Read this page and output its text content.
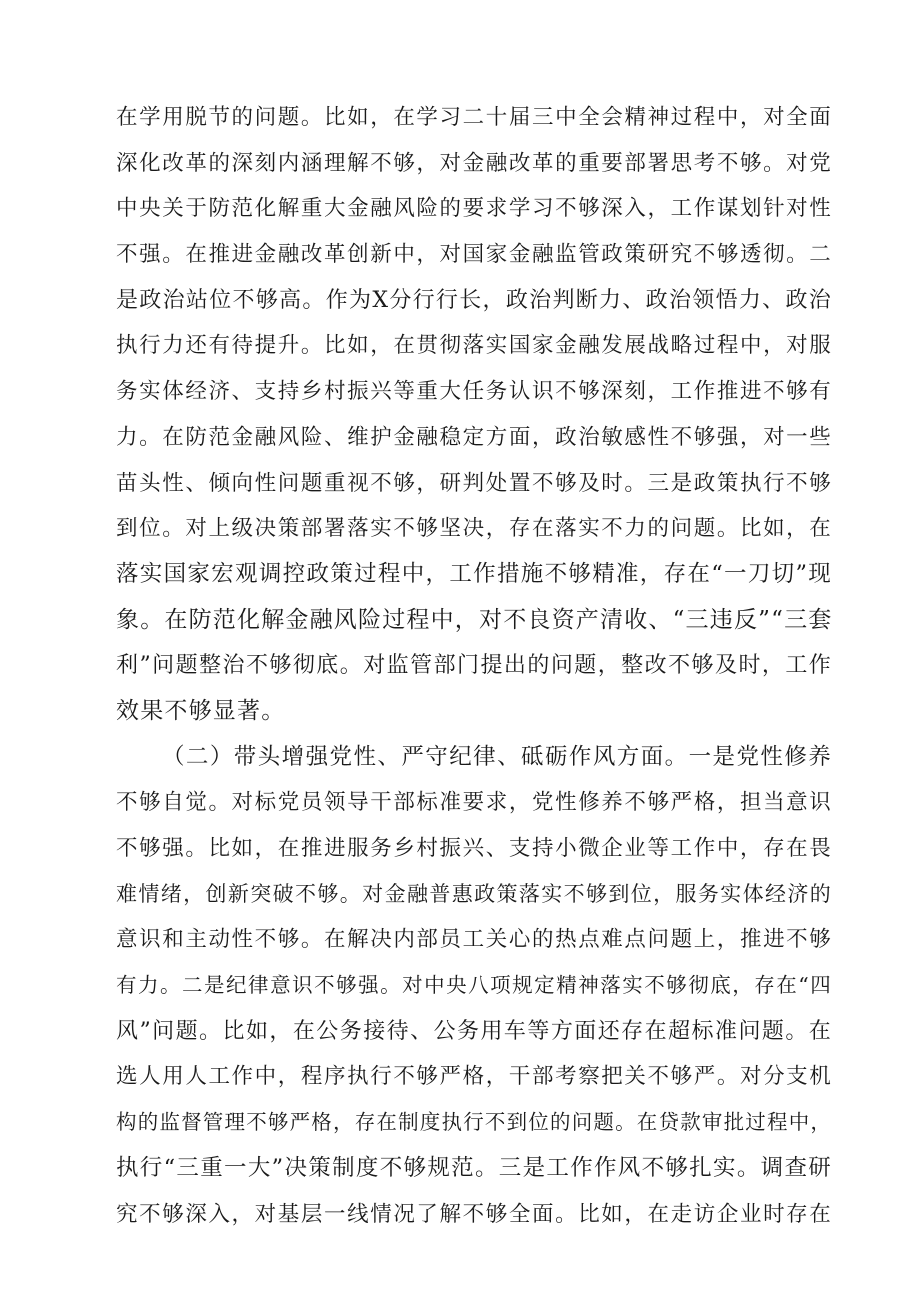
在学用脱节的问题。比如，在学习二十届三中全会精神过程中，对全面
深化改革的深刻内涵理解不够，对金融改革的重要部署思考不够。对党
中央关于防范化解重大金融风险的要求学习不够深入，工作谋划针对性
不强。在推进金融改革创新中，对国家金融监管政策研究不够透彻。二
是政治站位不够高。作为X分行行长，政治判断力、政治领悟力、政治
执行力还有待提升。比如，在贯彻落实国家金融发展战略过程中，对服
务实体经济、支持乡村振兴等重大任务认识不够深刻，工作推进不够有
力。在防范金融风险、维护金融稳定方面，政治敏感性不够强，对一些
苗头性、倾向性问题重视不够，研判处置不够及时。三是政策执行不够
到位。对上级决策部署落实不够坚决，存在落实不力的问题。比如，在
落实国家宏观调控政策过程中，工作措施不够精准，存在“一刀切”现
象。在防范化解金融风险过程中，对不良资产清收、“三违反”“三套
利”问题整治不够彻底。对监管部门提出的问题，整改不够及时，工作
效果不够显著。
（二）带头增强党性、严守纪律、砥砺作风方面。一是党性修养
不够自觉。对标党员领导干部标准要求，党性修养不够严格，担当意识
不够强。比如，在推进服务乡村振兴、支持小微企业等工作中，存在畏
难情绪，创新突破不够。对金融普惠政策落实不够到位，服务实体经济的
意识和主动性不够。在解决内部员工关心的热点难点问题上，推进不够
有力。二是纪律意识不够强。对中央八项规定精神落实不够彻底，存在“四
风”问题。比如，在公务接待、公务用车等方面还存在超标准问题。在
选人用人工作中，程序执行不够严格，干部考察把关不够严。对分支机
构的监督管理不够严格，存在制度执行不到位的问题。在贷款审批过程中，
执行“三重一大”决策制度不够规范。三是工作作风不够扎实。调查研
究不够深入，对基层一线情况了解不够全面。比如，在走访企业时存在
